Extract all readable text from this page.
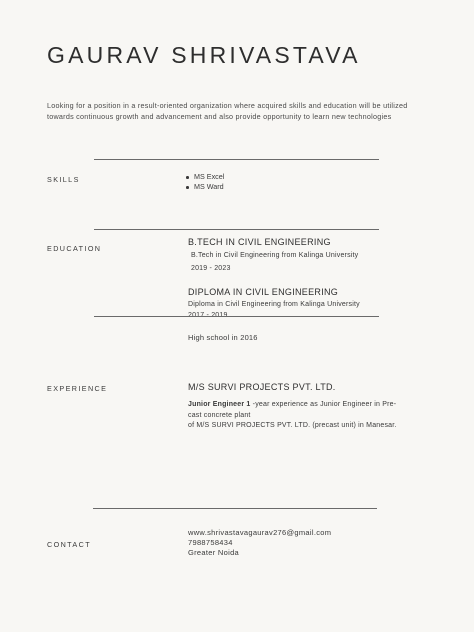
GAURAV SHRIVASTAVA
Looking for a position in a result-oriented organization where acquired skills and education will be utilized towards continuous growth and advancement and also provide opportunity to learn new technologies
SKILLS	MS Excel
MS Ward
EDUCATION
B.TECH IN CIVIL ENGINEERING
B.Tech in Civil Engineering from Kalinga University
2019 - 2023
DIPLOMA IN CIVIL ENGINEERING
Diploma in Civil Engineering from Kalinga University
2017 - 2019
High school in 2016
EXPERIENCE	M/S SURVI PROJECTS PVT. LTD.
Junior Engineer 1 -year experience as Junior Engineer in Pre-
cast concrete plant
of M/S SURVI PROJECTS PVT. LTD. (precast unit) in Manesar.
CONTACT
www.shrivastavagaurav276@gmail.com
7988758434
Greater Noida
